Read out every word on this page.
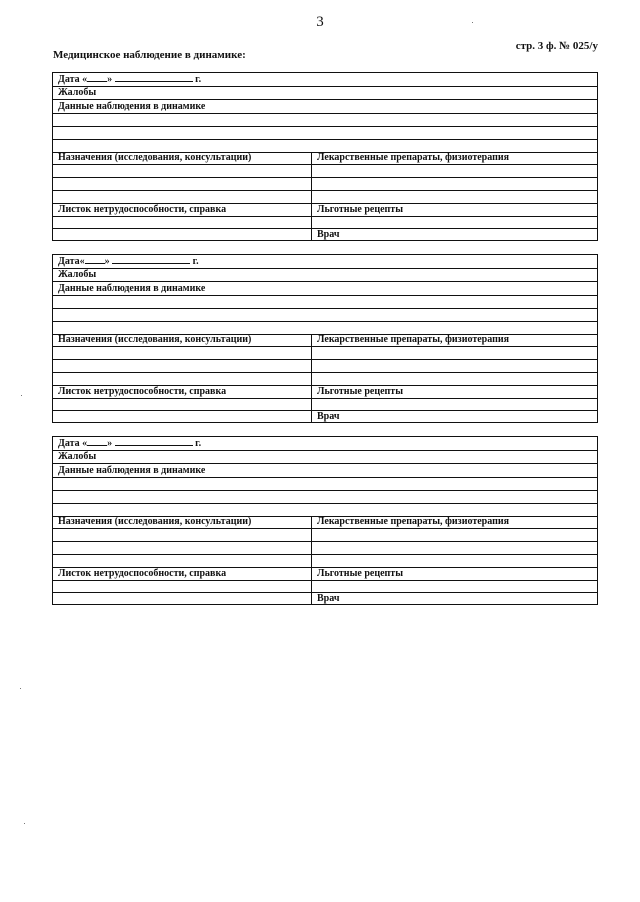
3
стр. 3 ф. № 025/у
Медицинское наблюдение в динамике:
Дата « »	г.
Жалобы
Данные наблюдения в динамике
Назначения (исследования, консультации)	Лекарственные препараты, физиотерапия
Листок нетрудоспособности, справка	Льготные рецепты
Врач
Дата« »	г.
Жалобы
Данные наблюдения в динамике
Назначения (исследования, консультации)	Лекарственные препараты, физиотерапия
Листок нетрудоспособности, справка	Льготные рецепты
Врач
Дата « »	г.
Жалобы
Данные наблюдения в динамике
Назначения (исследования, консультации)	Лекарственные препараты, физиотерапия
Листок нетрудоспособности, справка	Льготные рецепты
Врач
